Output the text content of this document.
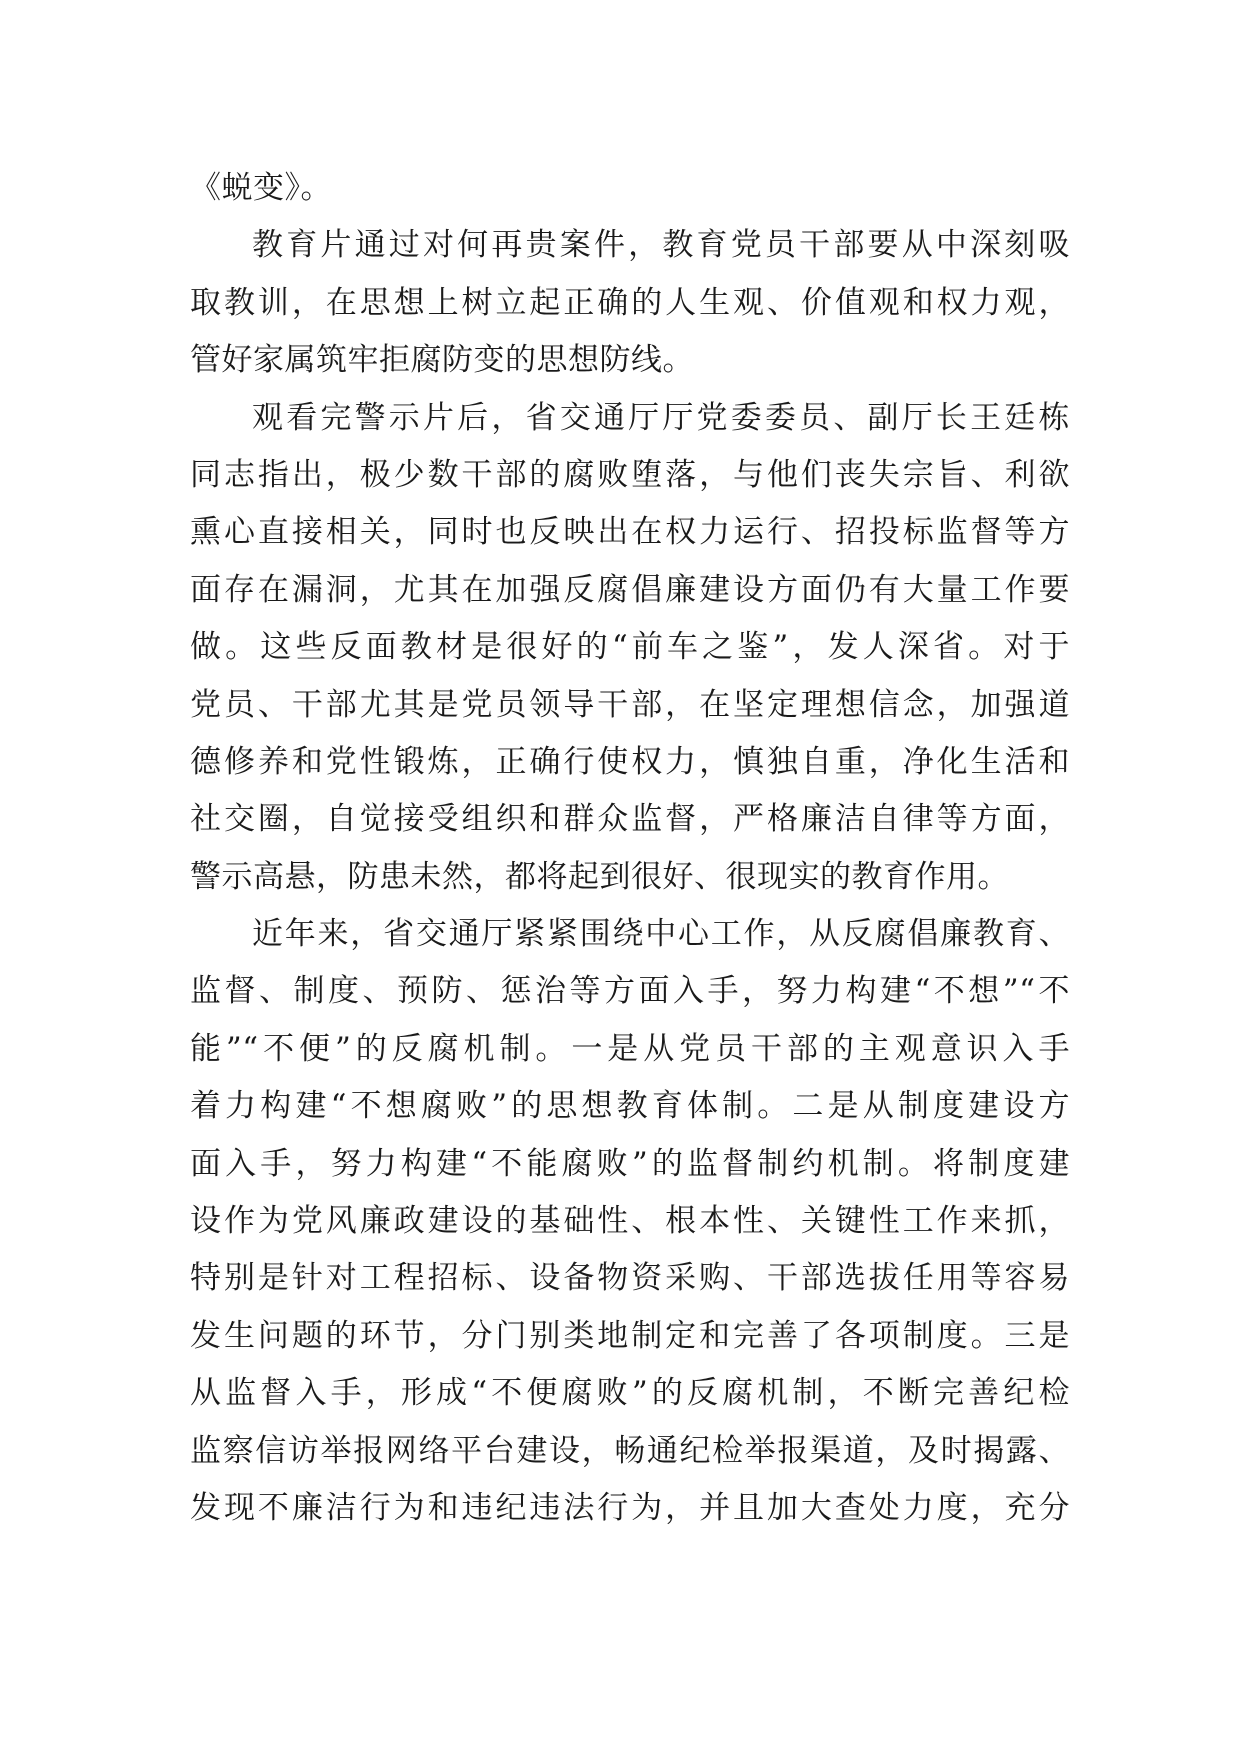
《蜕变》。
教育片通过对何再贵案件，教育党员干部要从中深刻吸
取教训，在思想上树立起正确的人生观、价值观和权力观，
管好家属筑牢拒腐防变的思想防线。
观看完警示片后，省交通厅厅党委委员、副厅长王廷栋
同志指出，极少数干部的腐败堕落，与他们丧失宗旨、利欲
熏心直接相关，同时也反映出在权力运行、招投标监督等方
面存在漏洞，尤其在加强反腐倡廉建设方面仍有大量工作要
做。这些反面教材是很好的“前车之鉴”，发人深省。对于
党员、干部尤其是党员领导干部，在坚定理想信念，加强道
德修养和党性锻炼，正确行使权力，慎独自重，净化生活和
社交圈，自觉接受组织和群众监督，严格廉洁自律等方面，
警示高悬，防患未然，都将起到很好、很现实的教育作用。
近年来，省交通厅紧紧围绕中心工作，从反腐倡廉教育、
监督、制度、预防、惩治等方面入手，努力构建“不想”“不
能”“不便”的反腐机制。一是从党员干部的主观意识入手
着力构建“不想腐败”的思想教育体制。二是从制度建设方
面入手，努力构建“不能腐败”的监督制约机制。将制度建
设作为党风廉政建设的基础性、根本性、关键性工作来抓，
特别是针对工程招标、设备物资采购、干部选拔任用等容易
发生问题的环节，分门别类地制定和完善了各项制度。三是
从监督入手，形成“不便腐败”的反腐机制，不断完善纪检
监察信访举报网络平台建设，畅通纪检举报渠道，及时揭露、
发现不廉洁行为和违纪违法行为，并且加大查处力度，充分
